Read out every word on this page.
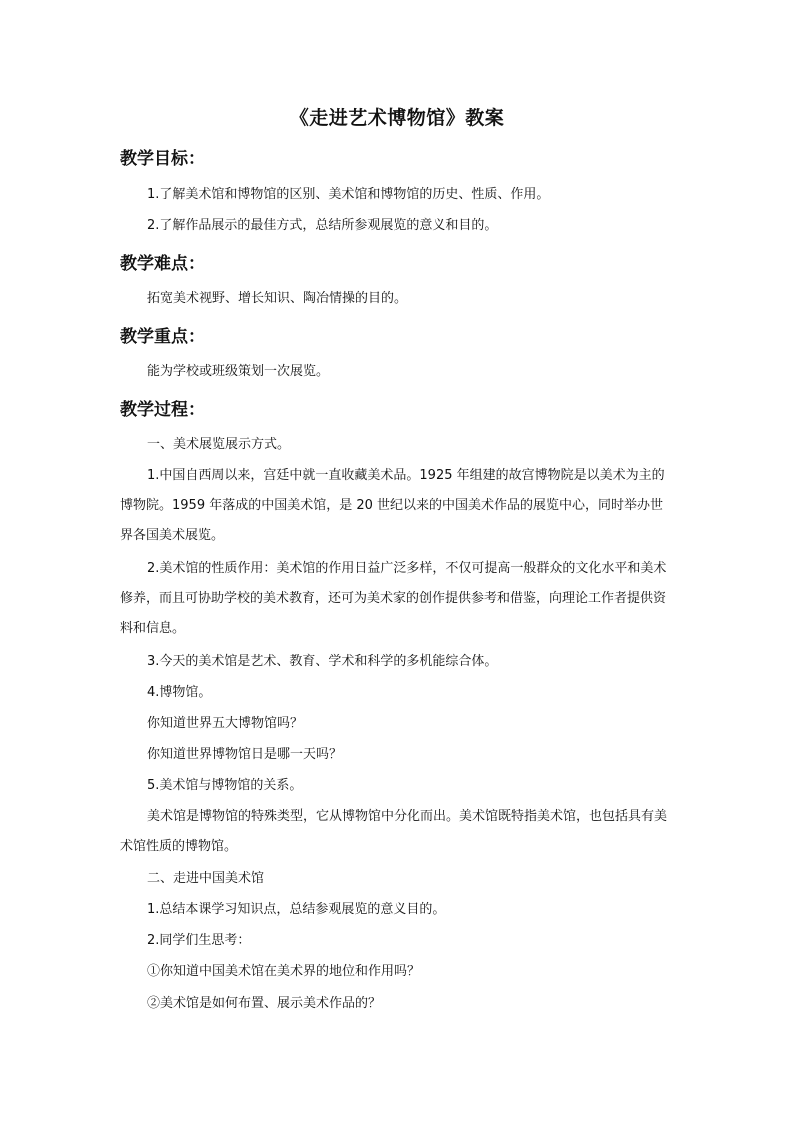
《走进艺术博物馆》教案
教学目标：

1.了解美术馆和博物馆的区别、美术馆和博物馆的历史、性质、作用。

2.了解作品展示的最佳方式，总结所参观展览的意义和目的。

教学难点：

拓宽美术视野、增长知识、陶冶情操的目的。

教学重点：

能为学校或班级策划一次展览。

教学过程：

一、美术展览展示方式。

1.中国自西周以来，宫廷中就一直收藏美术品。1925 年组建的故宫博物院是以美术为主的博物院。1959 年落成的中国美术馆，是 20 世纪以来的中国美术作品的展览中心，同时举办世界各国美术展览。

2.美术馆的性质作用：美术馆的作用日益广泛多样，不仅可提高一般群众的文化水平和美术修养，而且可协助学校的美术教育，还可为美术家的创作提供参考和借鉴，向理论工作者提供资料和信息。

3.今天的美术馆是艺术、教育、学术和科学的多机能综合体。

4.博物馆。

你知道世界五大博物馆吗？

你知道世界博物馆日是哪一天吗？

5.美术馆与博物馆的关系。

美术馆是博物馆的特殊类型，它从博物馆中分化而出。美术馆既特指美术馆，也包括具有美术馆性质的博物馆。

二、走进中国美术馆

1.总结本课学习知识点，总结参观展览的意义目的。

2.同学们生思考：

①你知道中国美术馆在美术界的地位和作用吗？

②美术馆是如何布置、展示美术作品的？
